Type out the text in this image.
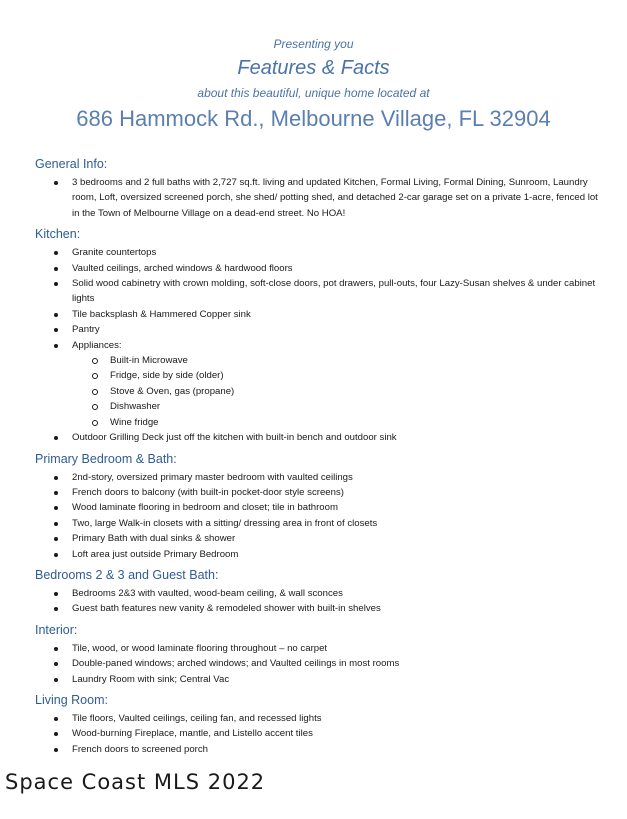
Presenting you
Features & Facts
about this beautiful, unique home located at
686 Hammock Rd., Melbourne Village, FL 32904

General Info:

3 bedrooms and 2 full baths with 2,727 sq.ft. living and updated Kitchen, Formal Living, Formal Dining, Sunroom, Laundry room, Loft, oversized screened porch, she shed/ potting shed, and detached 2-car garage set on a private 1-acre, fenced lot in the Town of Melbourne Village on a dead-end street. No HOA!

Kitchen:

Granite countertops
Vaulted ceilings, arched windows & hardwood floors
Solid wood cabinetry with crown molding, soft-close doors, pot drawers, pull-outs, four Lazy-Susan shelves & under cabinet lights
Tile backsplash & Hammered Copper sink
Pantry
Appliances:
Built-in Microwave
Fridge, side by side (older)
Stove & Oven, gas (propane)
Dishwasher
Wine fridge
Outdoor Grilling Deck just off the kitchen with built-in bench and outdoor sink

Primary Bedroom & Bath:

2nd-story, oversized primary master bedroom with vaulted ceilings
French doors to balcony (with built-in pocket-door style screens)
Wood laminate flooring in bedroom and closet; tile in bathroom
Two, large Walk-in closets with a sitting/ dressing area in front of closets
Primary Bath with dual sinks & shower
Loft area just outside Primary Bedroom

Bedrooms 2 & 3 and Guest Bath:

Bedrooms 2&3 with vaulted, wood-beam ceiling, & wall sconces
Guest bath features new vanity & remodeled shower with built-in shelves

Interior:

Tile, wood, or wood laminate flooring throughout – no carpet
Double-paned windows; arched windows; and Vaulted ceilings in most rooms
Laundry Room with sink; Central Vac

Living Room:

Tile floors, Vaulted ceilings, ceiling fan, and recessed lights
Wood-burning Fireplace, mantle, and Listello accent tiles
French doors to screened porch
Space Coast MLS 2022
